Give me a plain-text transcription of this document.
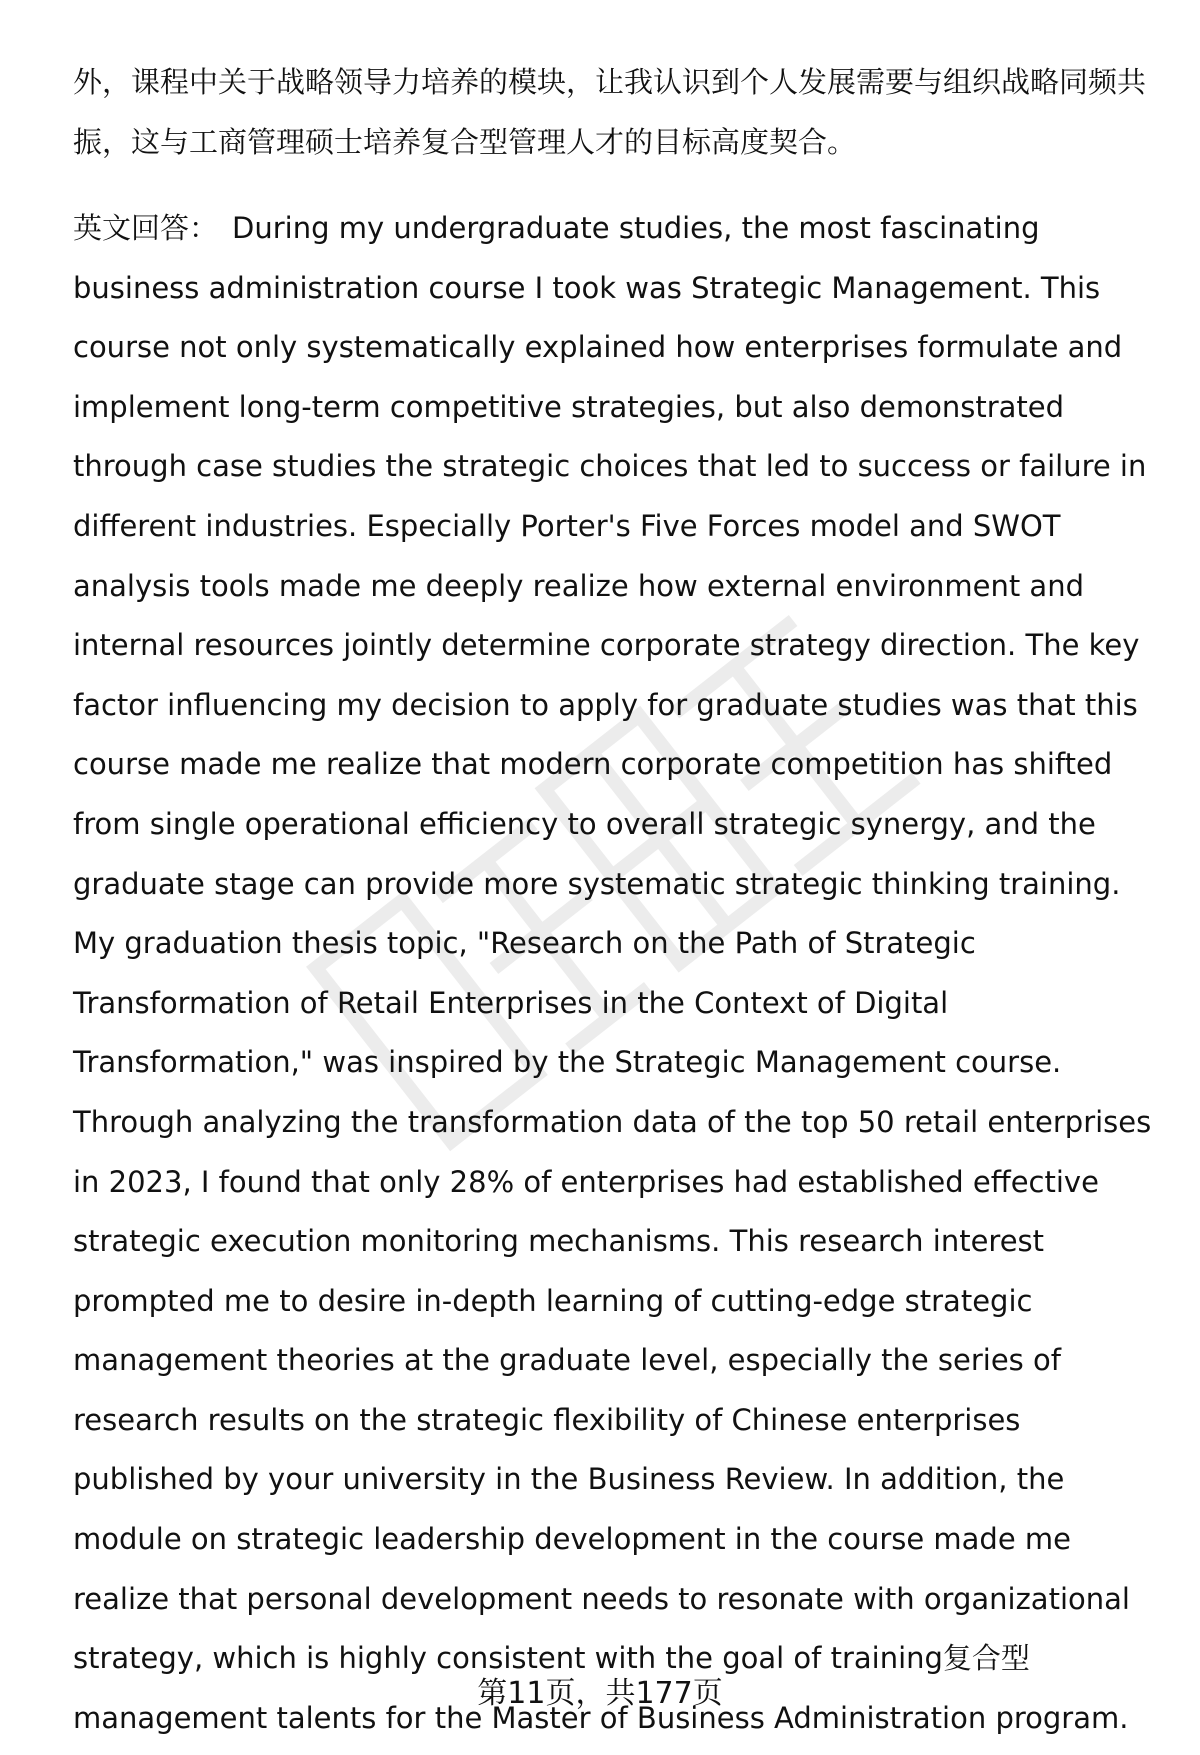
外，课程中关于战略领导力培养的模块，让我认识到个人发展需要与组织战略同频共振，这与工商管理硕士培养复合型管理人才的目标高度契合。
英文回答： During my undergraduate studies, the most fascinating business administration course I took was Strategic Management. This course not only systematically explained how enterprises formulate and implement long-term competitive strategies, but also demonstrated through case studies the strategic choices that led to success or failure in different industries. Especially Porter's Five Forces model and SWOT analysis tools made me deeply realize how external environment and internal resources jointly determine corporate strategy direction. The key factor influencing my decision to apply for graduate studies was that this course made me realize that modern corporate competition has shifted from single operational efficiency to overall strategic synergy, and the graduate stage can provide more systematic strategic thinking training. My graduation thesis topic, "Research on the Path of Strategic Transformation of Retail Enterprises in the Context of Digital Transformation," was inspired by the Strategic Management course. Through analyzing the transformation data of the top 50 retail enterprises in 2023, I found that only 28% of enterprises had established effective strategic execution monitoring mechanisms. This research interest prompted me to desire in-depth learning of cutting-edge strategic management theories at the graduate level, especially the series of research results on the strategic flexibility of Chinese enterprises published by your university in the Business Review. In addition, the module on strategic leadership development in the course made me realize that personal development needs to resonate with organizational strategy, which is highly consistent with the goal of training复合型 management talents for the Master of Business Administration program.
第11页，共177页
